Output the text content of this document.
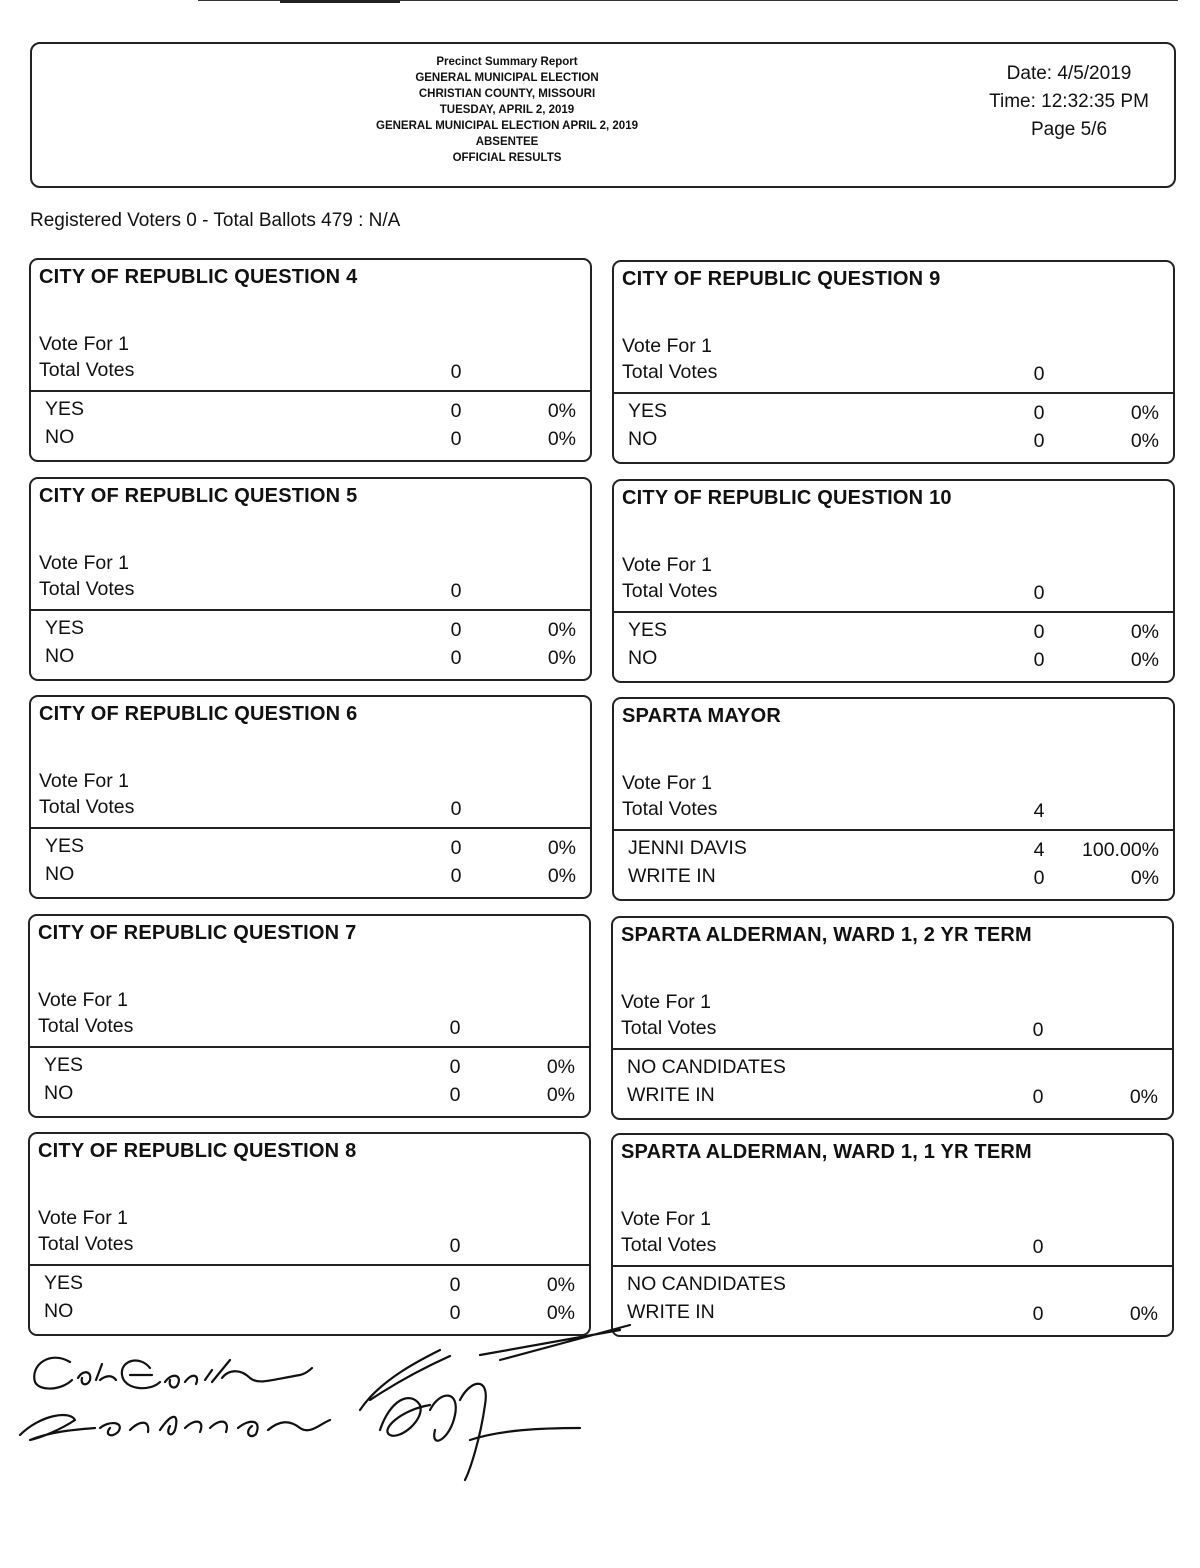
Precinct Summary Report
GENERAL MUNICIPAL ELECTION
CHRISTIAN COUNTY, MISSOURI
TUESDAY, APRIL 2, 2019
GENERAL MUNICIPAL ELECTION APRIL 2, 2019
ABSENTEE
OFFICIAL RESULTS
Date: 4/5/2019
Time: 12:32:35 PM
Page 5/6
Registered Voters 0 - Total Ballots 479 : N/A
CITY OF REPUBLIC QUESTION 4
Vote For 1
Total Votes	0
YES	0	0%
NO	0	0%
CITY OF REPUBLIC QUESTION 9
Vote For 1
Total Votes	0
YES	0	0%
NO	0	0%
CITY OF REPUBLIC QUESTION 5
Vote For 1
Total Votes	0
YES	0	0%
NO	0	0%
CITY OF REPUBLIC QUESTION 10
Vote For 1
Total Votes	0
YES	0	0%
NO	0	0%
CITY OF REPUBLIC QUESTION 6
Vote For 1
Total Votes	0
YES	0	0%
NO	0	0%
SPARTA MAYOR
Vote For 1
Total Votes	4
JENNI DAVIS	4	100.00%
WRITE IN	0	0%
CITY OF REPUBLIC QUESTION 7
Vote For 1
Total Votes	0
YES	0	0%
NO	0	0%
SPARTA ALDERMAN, WARD 1, 2 YR TERM
Vote For 1
Total Votes	0
NO CANDIDATES
WRITE IN	0	0%
CITY OF REPUBLIC QUESTION 8
Vote For 1
Total Votes	0
YES	0	0%
NO	0	0%
SPARTA ALDERMAN, WARD 1, 1 YR TERM
Vote For 1
Total Votes	0
NO CANDIDATES
WRITE IN	0	0%
